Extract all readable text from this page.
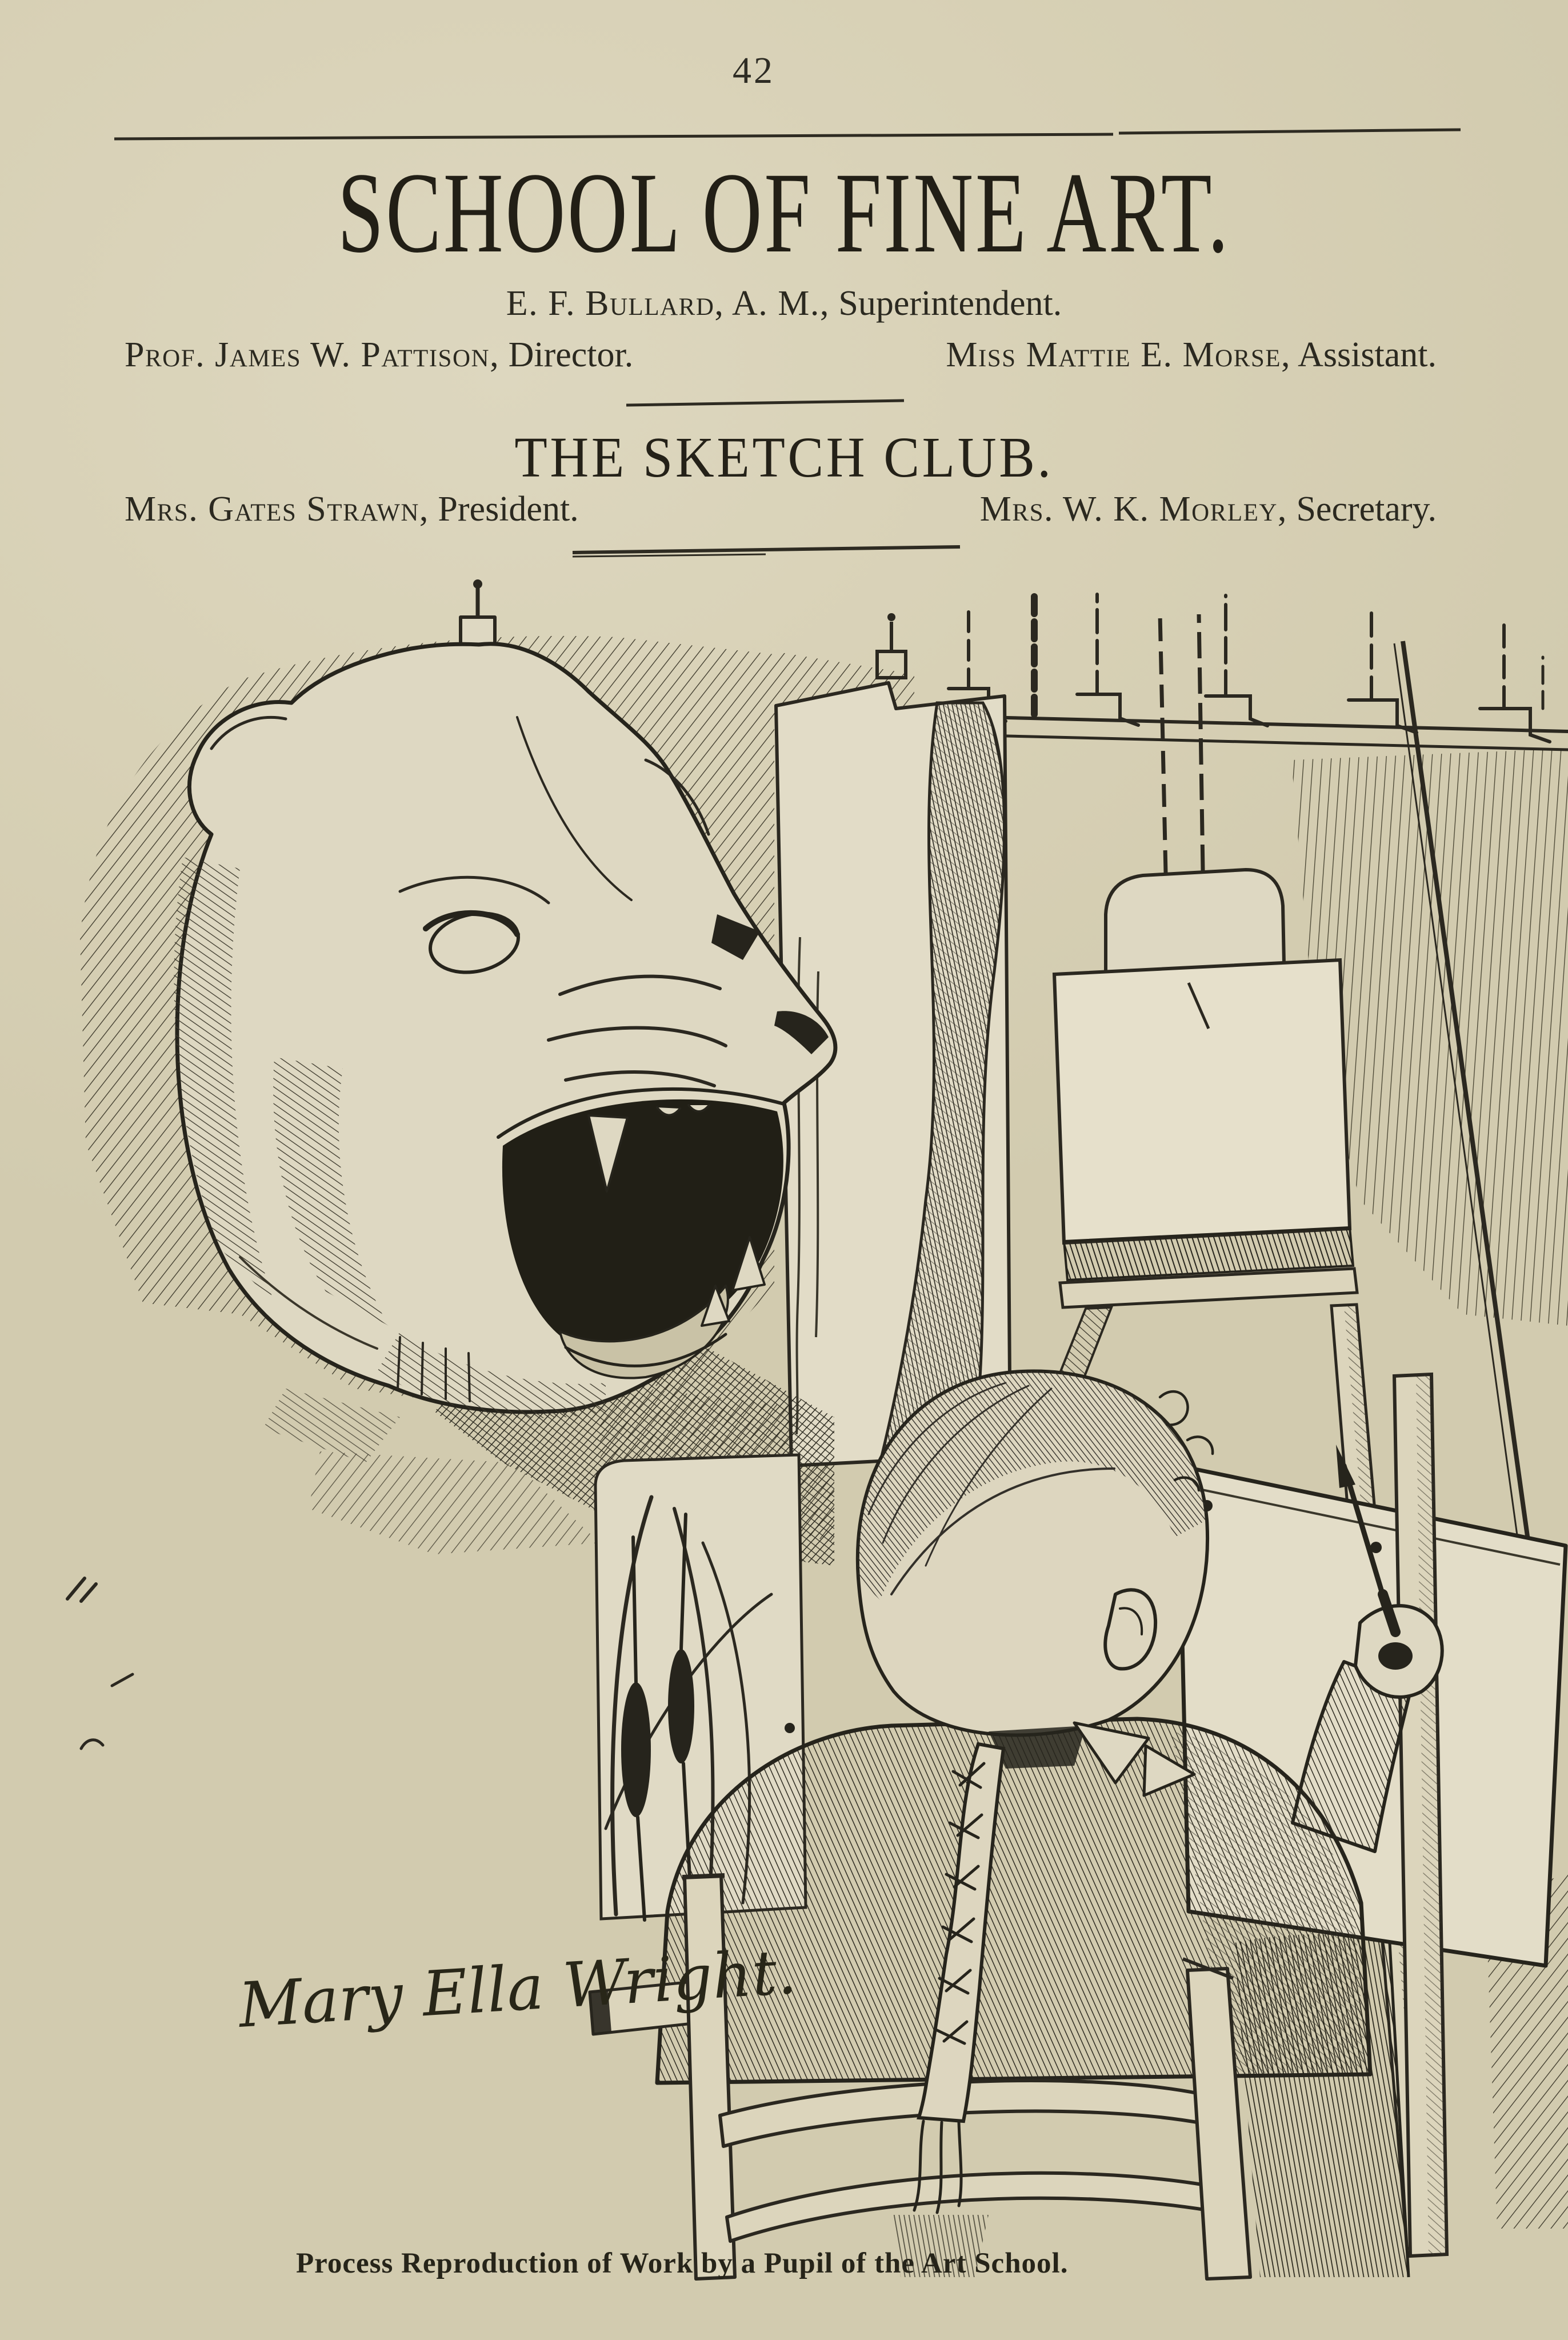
42
SCHOOL OF FINE ART.
E. F. Bullard, A. M., Superintendent.
Prof. James W. Pattison, Director.	Miss Mattie E. Morse, Assistant.
THE SKETCH CLUB.
Mrs. Gates Strawn, President.	Mrs. W. K. Morley, Secretary.
Mary Ella Wright.
Process Reproduction of Work by a Pupil of the Art School.
